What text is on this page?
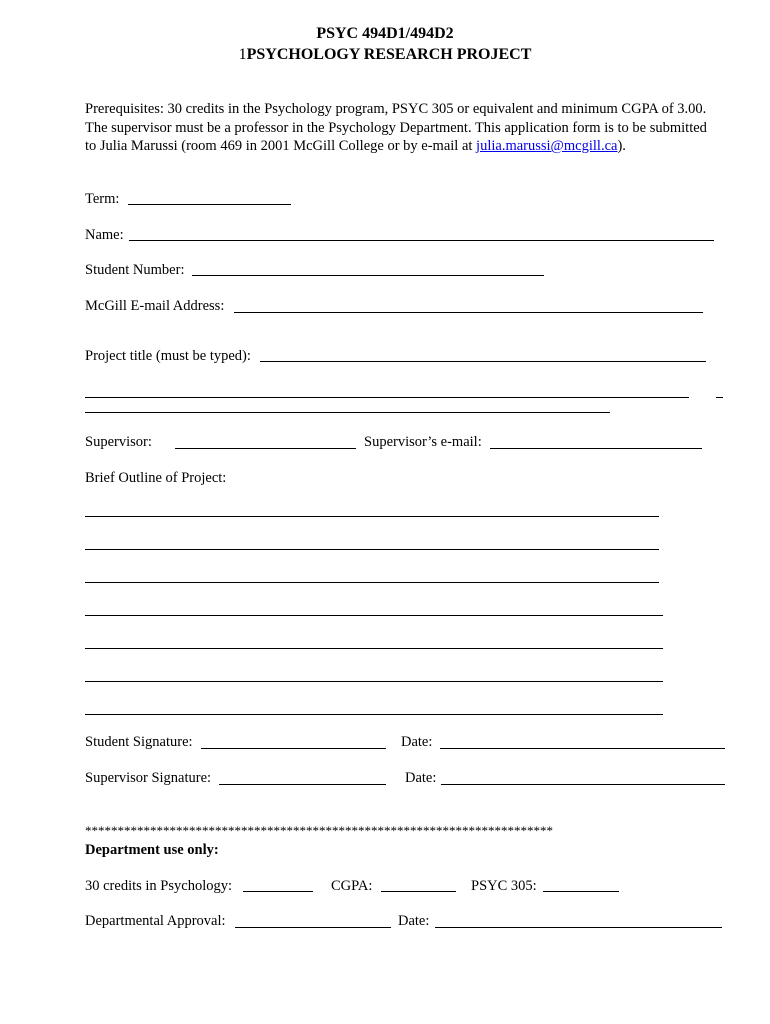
PSYC 494D1/494D2
1PSYCHOLOGY RESEARCH PROJECT
Prerequisites: 30 credits in the Psychology program, PSYC 305 or equivalent and minimum CGPA of 3.00. The supervisor must be a professor in the Psychology Department. This application form is to be submitted to Julia Marussi (room 469 in 2001 McGill College or by e-mail at julia.marussi@mcgill.ca).
Term:
Name:
Student Number:
McGill E-mail Address:
Project title (must be typed):
Supervisor:	Supervisor’s e-mail:
Brief Outline of Project:
Student Signature:	Date:
Supervisor Signature:	Date:
************************************************************************
Department use only:
30 credits in Psychology:	CGPA:	PSYC 305:
Departmental Approval:	Date:
